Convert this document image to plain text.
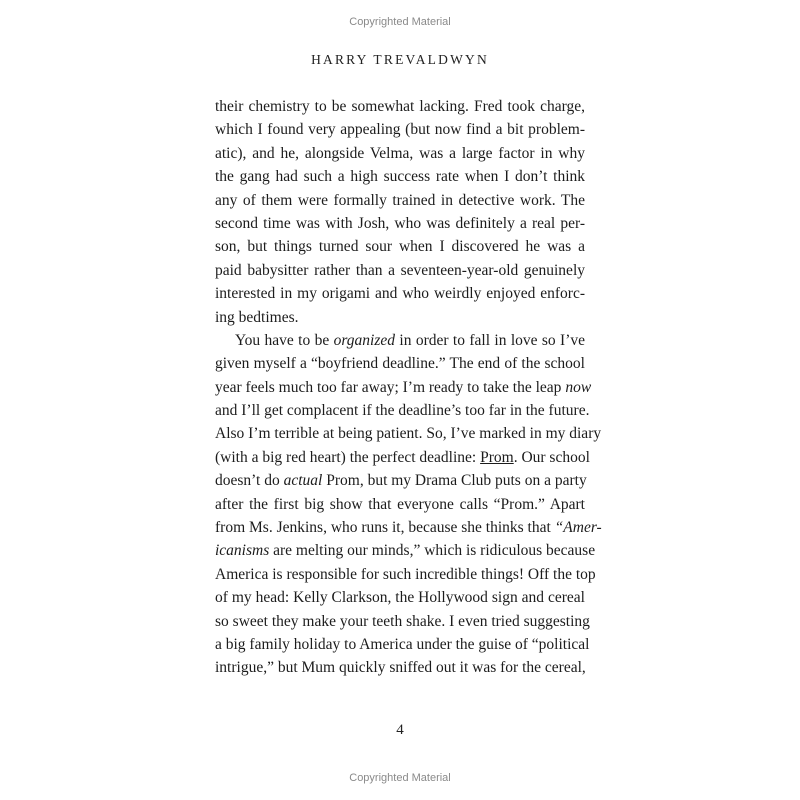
Copyrighted Material
HARRY TREVALDWYN
their chemistry to be somewhat lacking. Fred took charge,
which I found very appealing (but now find a bit problem-
atic), and he, alongside Velma, was a large factor in why
the gang had such a high success rate when I don’t think
any of them were formally trained in detective work. The
second time was with Josh, who was definitely a real per-
son, but things turned sour when I discovered he was a
paid babysitter rather than a seventeen-year-old genuinely
interested in my origami and who weirdly enjoyed enforc-
ing bedtimes.
You have to be organized in order to fall in love so I’ve
given myself a “boyfriend deadline.” The end of the school
year feels much too far away; I’m ready to take the leap now
and I’ll get complacent if the deadline’s too far in the future.
Also I’m terrible at being patient. So, I’ve marked in my diary
(with a big red heart) the perfect deadline: Prom. Our school
doesn’t do actual Prom, but my Drama Club puts on a party
after the first big show that everyone calls “Prom.” Apart
from Ms. Jenkins, who runs it, because she thinks that “Amer-
icanisms are melting our minds,” which is ridiculous because
America is responsible for such incredible things! Off the top
of my head: Kelly Clarkson, the Hollywood sign and cereal
so sweet they make your teeth shake. I even tried suggesting
a big family holiday to America under the guise of “political
intrigue,” but Mum quickly sniffed out it was for the cereal,
4
Copyrighted Material
